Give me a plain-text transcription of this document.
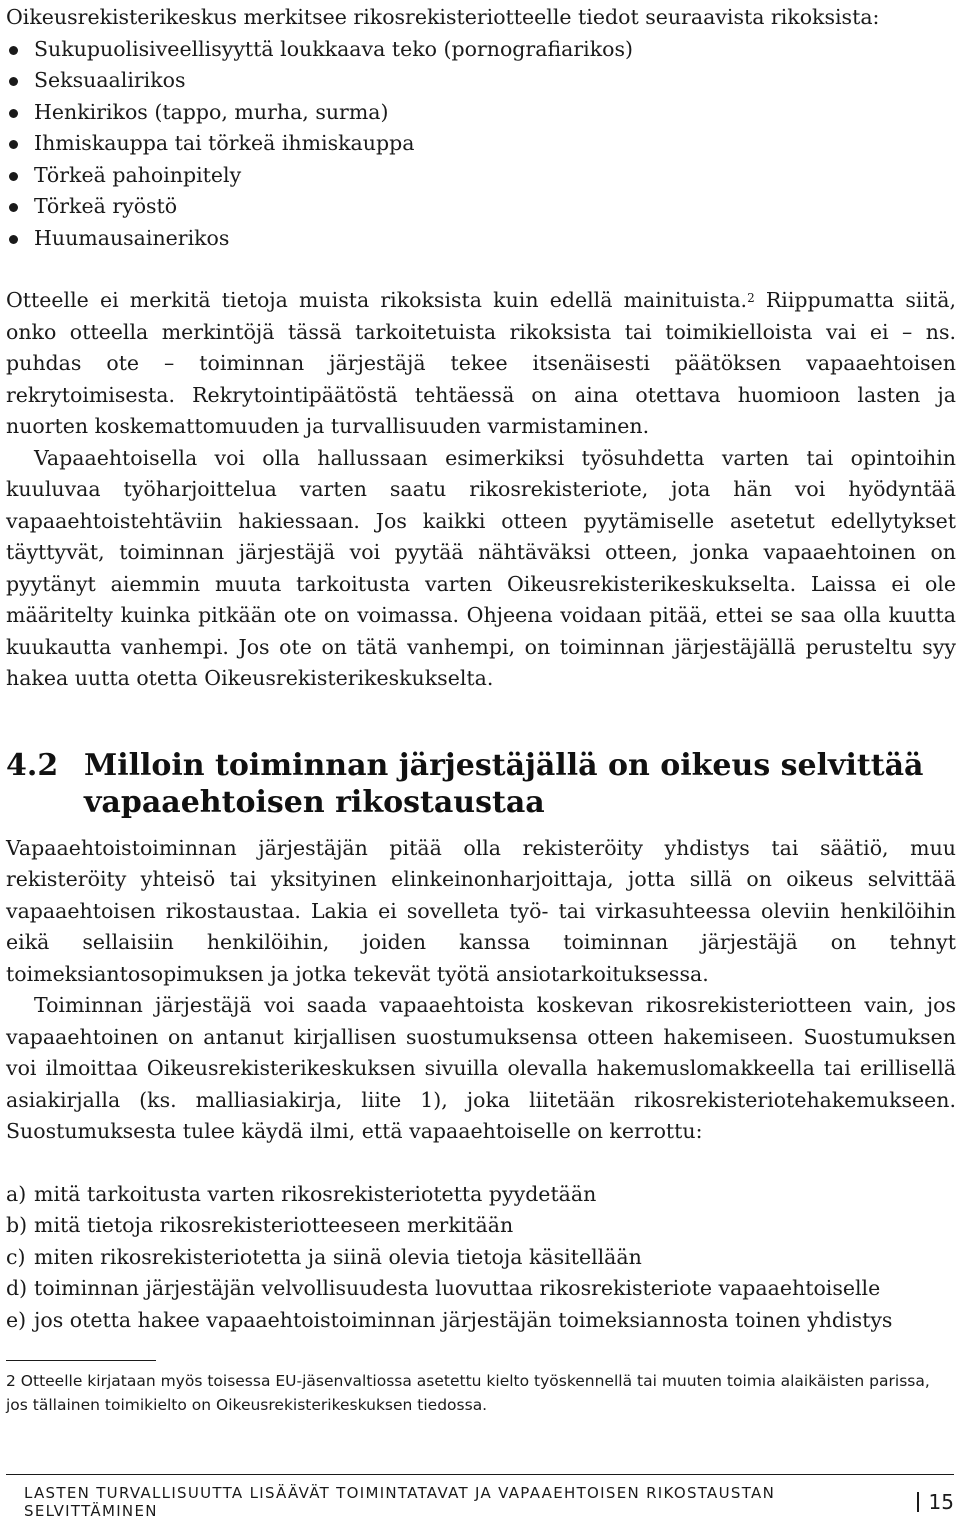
Oikeusrekisterikeskus merkitsee rikosrekisteriotteelle tiedot seuraavista rikoksista:

Sukupuolisiveellisyyttä loukkaava teko (pornografiarikos)
Seksuaalirikos
Henkirikos (tappo, murha, surma)
Ihmiskauppa tai törkeä ihmiskauppa
Törkeä pahoinpitely
Törkeä ryöstö
Huumausainerikos

Otteelle ei merkitä tietoja muista rikoksista kuin edellä mainituista.$^2$ Riippumatta siitä, onko otteella merkintöjä tässä tarkoitetuista rikoksista tai toimikielloista vai ei – ns. puhdas ote – toiminnan järjestäjä tekee itsenäisesti päätöksen vapaaehtoisen rekrytoimisesta. Rekrytointipäätöstä tehtäessä on aina otettava huomioon lasten ja nuorten koskemattomuuden ja turvallisuuden varmistaminen.

Vapaaehtoisella voi olla hallussaan esimerkiksi työsuhdetta varten tai opintoihin kuuluvaa työharjoittelua varten saatu rikosrekisteriote, jota hän voi hyödyntää vapaaehtoistehtäviin hakiessaan. Jos kaikki otteen pyytämiselle asetetut edellytykset täyttyvät, toiminnan järjestäjä voi pyytää nähtäväksi otteen, jonka vapaaehtoinen on pyytänyt aiemmin muuta tarkoitusta varten Oikeusrekisterikeskukselta. Laissa ei ole määritelty kuinka pitkään ote on voimassa. Ohjeena voidaan pitää, ettei se saa olla kuutta kuukautta vanhempi. Jos ote on tätä vanhempi, on toiminnan järjestäjällä perusteltu syy hakea uutta otetta Oikeusrekisterikeskukselta.

4.2 Milloin toiminnan järjestäjällä on oikeus selvittää vapaaehtoisen rikostaustaa

Vapaaehtoistoiminnan järjestäjän pitää olla rekisteröity yhdistys tai säätiö, muu rekisteröity yhteisö tai yksityinen elinkeinonharjoittaja, jotta sillä on oikeus selvittää vapaaehtoisen rikostaustaa. Lakia ei sovelleta työ- tai virkasuhteessa oleviin henkilöihin eikä sellaisiin henkilöihin, joiden kanssa toiminnan järjestäjä on tehnyt toimeksiantosopimuksen ja jotka tekevät työtä ansiotarkoituksessa.

Toiminnan järjestäjä voi saada vapaaehtoista koskevan rikosrekisteriotteen vain, jos vapaaehtoinen on antanut kirjallisen suostumuksensa otteen hakemiseen. Suostumuksen voi ilmoittaa Oikeusrekisterikeskuksen sivuilla olevalla hakemuslomakkeella tai erillisellä asiakirjalla (ks. malliasiakirja, liite 1), joka liitetään rikosrekisteriotehakemukseen. Suostumuksesta tulee käydä ilmi, että vapaaehtoiselle on kerrottu:

a) mitä tarkoitusta varten rikosrekisteriotetta pyydetään
b) mitä tietoja rikosrekisteriotteeseen merkitään
c) miten rikosrekisteriotetta ja siinä olevia tietoja käsitellään
d) toiminnan järjestäjän velvollisuudesta luovuttaa rikosrekisteriote vapaaehtoiselle
e) jos otetta hakee vapaaehtoistoiminnan järjestäjän toimeksiannosta toinen yhdistys

2 Otteelle kirjataan myös toisessa EU-jäsenvaltiossa asetettu kielto työskennellä tai muuten toimia alaikäisten parissa, jos tällainen toimikielto on Oikeusrekisterikeskuksen tiedossa.

LASTEN TURVALLISUUTTA LISÄÄVÄT TOIMINTATAVAT JA VAPAAEHTOISEN RIKOSTAUSTAN SELVITTÄMINEN	15
